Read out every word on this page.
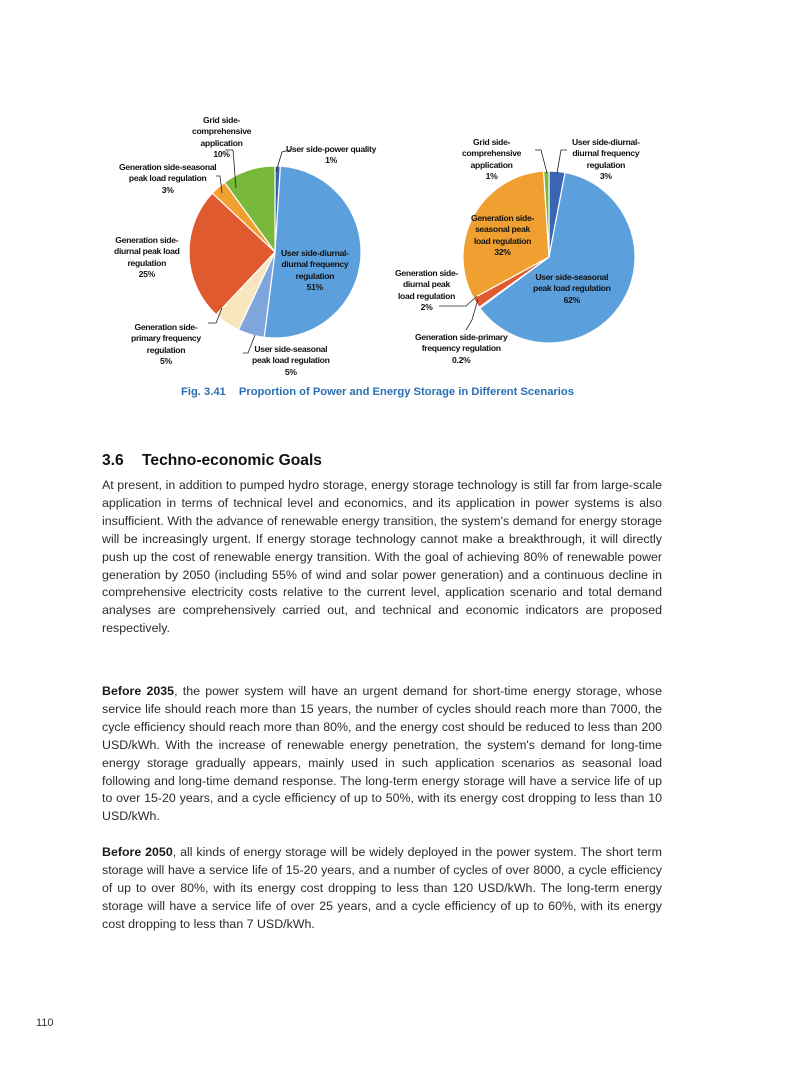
Grid side-
comprehensive
application
10%	User side-power quality
1%
Generation side-seasonal
peak load regulation
3%
Generation side-
diurnal peak load
regulation
25%
User side-diurnal-
diurnal frequency
regulation
51%
Generation side-
primary frequency
regulation
5%
User side-seasonal
peak load regulation
5%
Grid side-
comprehensive
application
1%
User side-diurnal-
diurnal frequency
regulation
3%
Generation side-
seasonal peak
load regulation
32%
Generation side-
diurnal peak
load regulation
2%
User side-seasonal
peak load regulation
62%
Generation side-primary
frequency regulation
0.2%
Fig. 3.41 Proportion of Power and Energy Storage in Different Scenarios
3.6 Techno-economic Goals

At present, in addition to pumped hydro storage, energy storage technology is still far from large-scale application in terms of technical level and economics, and its application in power systems is also insufficient. With the advance of renewable energy transition, the system's demand for energy storage will be increasingly urgent. If energy storage technology cannot make a breakthrough, it will directly push up the cost of renewable energy transition. With the goal of achieving 80% of renewable power generation by 2050 (including 55% of wind and solar power generation) and a continuous decline in comprehensive electricity costs relative to the current level, application scenario and total demand analyses are comprehensively carried out, and technical and economic indicators are proposed respectively.

Before 2035, the power system will have an urgent demand for short-time energy storage, whose service life should reach more than 15 years, the number of cycles should reach more than 7000, the cycle efficiency should reach more than 80%, and the energy cost should be reduced to less than 200 USD/kWh. With the increase of renewable energy penetration, the system's demand for long-time energy storage gradually appears, mainly used in such application scenarios as seasonal load following and long-time demand response. The long-term energy storage will have a service life of up to over 15-20 years, and a cycle efficiency of up to 50%, with its energy cost dropping to less than 10 USD/kWh.

Before 2050, all kinds of energy storage will be widely deployed in the power system. The short term storage will have a service life of 15-20 years, and a number of cycles of over 8000, a cycle efficiency of up to over 80%, with its energy cost dropping to less than 120 USD/kWh. The long-term energy storage will have a service life of over 25 years, and a cycle efficiency of up to 60%, with its energy cost dropping to less than 7 USD/kWh.

110
